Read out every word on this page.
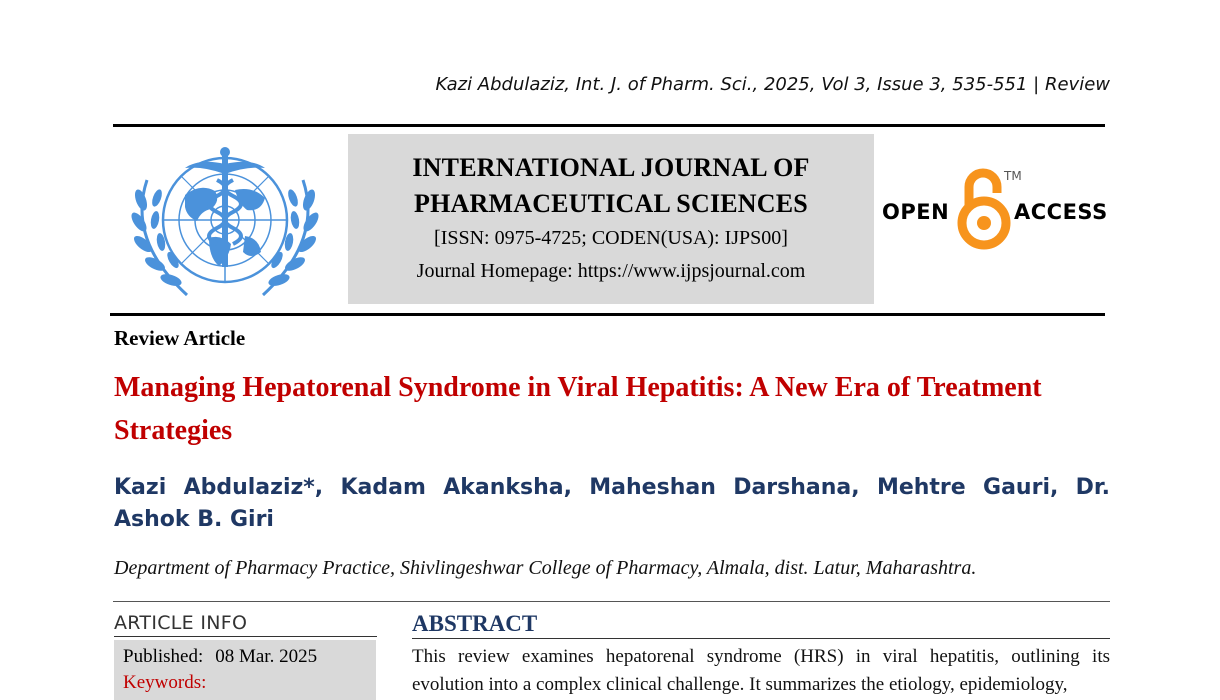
Kazi Abdulaziz, Int. J. of Pharm. Sci., 2025, Vol 3, Issue 3, 535-551 | Review
INTERNATIONAL JOURNAL OF
PHARMACEUTICAL SCIENCES
[ISSN: 0975-4725; CODEN(USA): IJPS00]
Journal Homepage: https://www.ijpsjournal.com
OPEN
TM
ACCESS
Review Article
Managing Hepatorenal Syndrome in Viral Hepatitis: A New Era of Treatment Strategies
Kazi Abdulaziz*, Kadam Akanksha, Maheshan Darshana, Mehtre Gauri, Dr. Ashok B. Giri
Department of Pharmacy Practice, Shivlingeshwar College of Pharmacy, Almala, dist. Latur, Maharashtra.
ARTICLE INFO
Published: 08 Mar. 2025
Keywords:
ABSTRACT
This review examines hepatorenal syndrome (HRS) in viral hepatitis, outlining its evolution into a complex clinical challenge. It summarizes the etiology, epidemiology,
